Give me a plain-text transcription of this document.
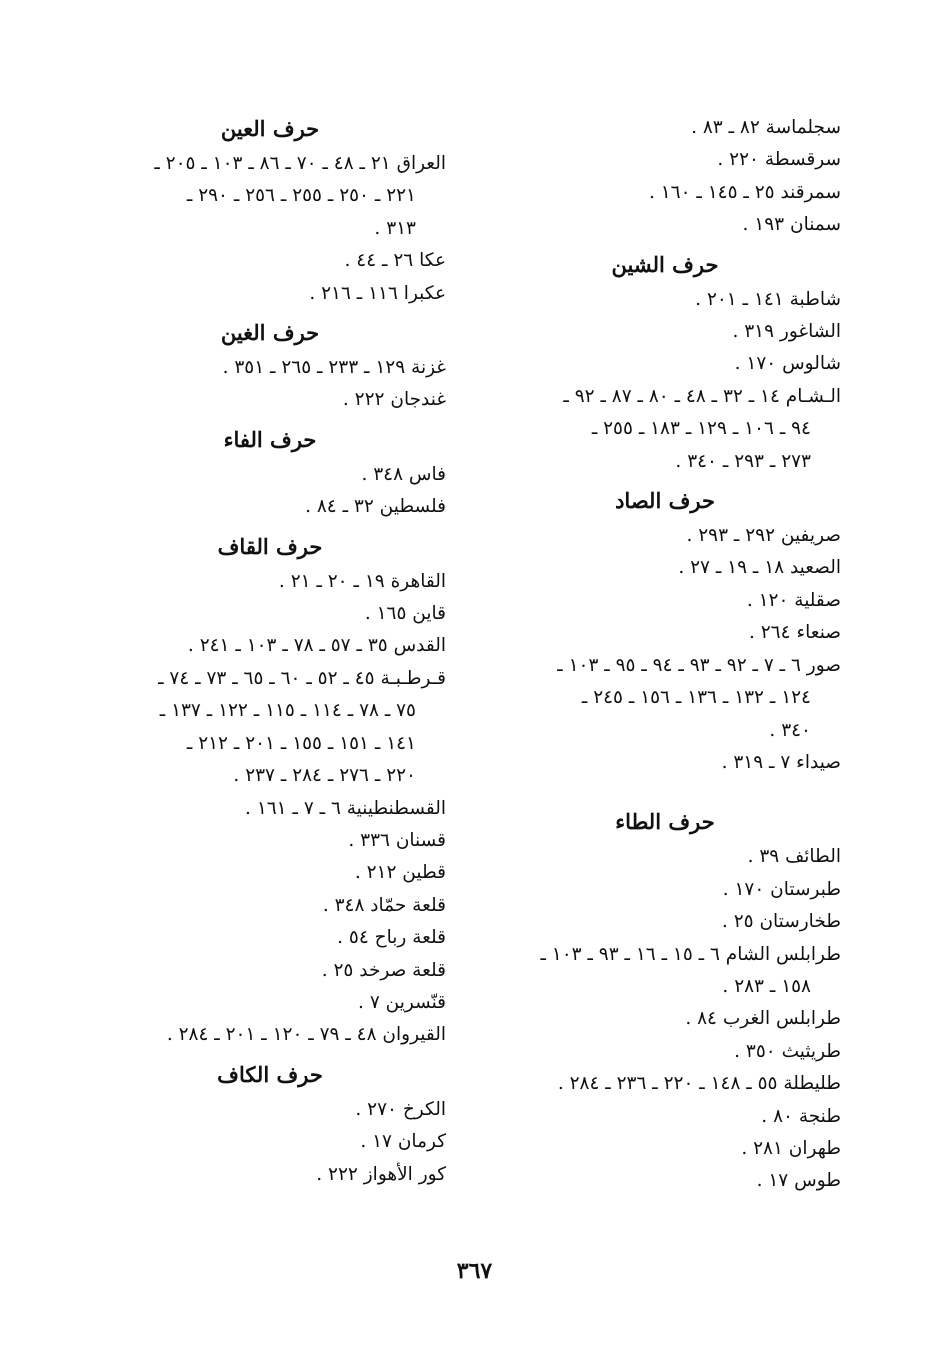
سجلماسة ٨٢ ـ ٨٣ .
سرقسطة ٢٢٠ .
سمرقند ٢٥ ـ ١٤٥ ـ ١٦٠ .
سمنان ١٩٣ .
حرف الشين
شاطبة ١٤١ ـ ٢٠١ .
الشاغور ٣١٩ .
شالوس ١٧٠ .
الـشـام ١٤ ـ ٣٢ ـ ٤٨ ـ ٨٠ ـ ٨٧ ـ ٩٢ ـ
٩٤ ـ ١٠٦ ـ ١٢٩ ـ ١٨٣ ـ ٢٥٥ ـ
٢٧٣ ـ ٢٩٣ ـ ٣٤٠ .
حرف الصاد
صريفين ٢٩٢ ـ ٢٩٣ .
الصعيد ١٨ ـ ١٩ ـ ٢٧ .
صقلية ١٢٠ .
صنعاء ٢٦٤ .
صور ٦ ـ ٧ ـ ٩٢ ـ ٩٣ ـ ٩٤ ـ ٩٥ ـ ١٠٣ ـ
١٢٤ ـ ١٣٢ ـ ١٣٦ ـ ١٥٦ ـ ٢٤٥ ـ
٣٤٠ .
صيداء ٧ ـ ٣١٩ .
حرف الطاء
الطائف ٣٩ .
طبرستان ١٧٠ .
طخارستان ٢٥ .
طرابلس الشام ٦ ـ ١٥ ـ ١٦ ـ ٩٣ ـ ١٠٣ ـ
١٥٨ ـ ٢٨٣ .
طرابلس الغرب ٨٤ .
طريثيث ٣٥٠ .
طليطلة ٥٥ ـ ١٤٨ ـ ٢٢٠ ـ ٢٣٦ ـ ٢٨٤ .
طنجة ٨٠ .
طهران ٢٨١ .
طوس ١٧ .
حرف العين
العراق ٢١ ـ ٤٨ ـ ٧٠ ـ ٨٦ ـ ١٠٣ ـ ٢٠٥ ـ
٢٢١ ـ ٢٥٠ ـ ٢٥٥ ـ ٢٥٦ ـ ٢٩٠ ـ
٣١٣ .
عكا ٢٦ ـ ٤٤ .
عكبرا ١١٦ ـ ٢١٦ .
حرف الغين
غزنة ١٢٩ ـ ٢٣٣ ـ ٢٦٥ ـ ٣٥١ .
غندجان ٢٢٢ .
حرف الفاء
فاس ٣٤٨ .
فلسطين ٣٢ ـ ٨٤ .
حرف القاف
القاهرة ١٩ ـ ٢٠ ـ ٢١ .
قاين ١٦٥ .
القدس ٣٥ ـ ٥٧ ـ ٧٨ ـ ١٠٣ ـ ٢٤١ .
قـرطـبـة ٤٥ ـ ٥٢ ـ ٦٠ ـ ٦٥ ـ ٧٣ ـ ٧٤ ـ
٧٥ ـ ٧٨ ـ ١١٤ ـ ١١٥ ـ ١٢٢ ـ ١٣٧ ـ
١٤١ ـ ١٥١ ـ ١٥٥ ـ ٢٠١ ـ ٢١٢ ـ
٢٢٠ ـ ٢٧٦ ـ ٢٨٤ ـ ٢٣٧ .
القسطنطينية ٦ ـ ٧ ـ ١٦١ .
قسنان ٣٣٦ .
قطين ٢١٢ .
قلعة حمّاد ٣٤٨ .
قلعة رباح ٥٤ .
قلعة صرخد ٢٥ .
قنّسرين ٧ .
القيروان ٤٨ ـ ٧٩ ـ ١٢٠ ـ ٢٠١ ـ ٢٨٤ .
حرف الكاف
الكرخ ٢٧٠ .
كرمان ١٧ .
كور الأهواز ٢٢٢ .
٣٦٧
